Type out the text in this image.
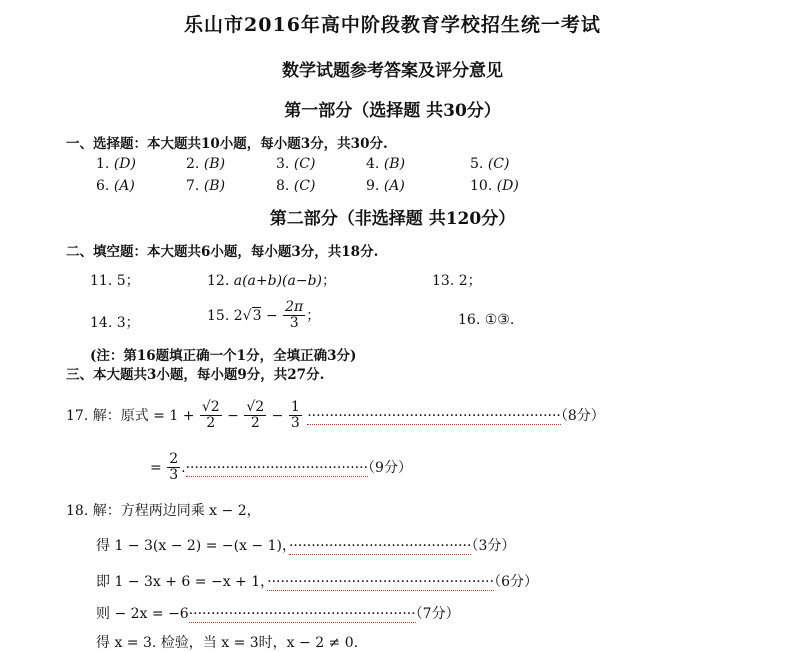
乐山市2016年高中阶段教育学校招生统一考试
数学试题参考答案及评分意见
第一部分（选择题 共30分）
一、选择题：本大题共10小题，每小题3分，共30分.
1. (D)	2. (B)	3. (C)	4. (B)	5. (C)
6. (A)	7. (B)	8. (C)	9. (A)	10. (D)
第二部分（非选择题 共120分）
二、填空题：本大题共6小题，每小题3分，共18分.
11. 5；	12. a(a+b)(a−b)；	13. 2；
14. 3；	15. $2√3 - \frac{2\pi}{3}$ ；	16. ①③.
(注：第16题填正确一个1分，全填正确3分)
三、本大题共3小题，每小题9分，共27分.
17. 解：原式 = $1 + \frac{√2}{2} - \frac{√2}{2} - \frac{1}{3} \cdot\cdot\cdot\cdot\cdot\cdot\cdot\cdot\cdot\cdot\cdot\cdot\cdot\cdot\cdot\cdot\cdot\cdot\cdot\cdot\cdot\cdot\cdot\cdot\cdot\cdot\cdot\cdot\cdot\cdot\cdot\cdot\cdot\cdot\cdot\cdot\cdot\cdot\cdot\cdot\cdot\cdot\cdot\cdot\cdot\cdot\cdot\cdot\cdot\cdot\cdot\cdot\cdot\cdot\cdot\cdot\cdot(8$分）
= $\frac{2}{3} .\cdot\cdot\cdot\cdot\cdot\cdot\cdot\cdot\cdot\cdot\cdot\cdot\cdot\cdot\cdot\cdot\cdot\cdot\cdot\cdot\cdot\cdot\cdot\cdot\cdot\cdot\cdot\cdot\cdot\cdot\cdot\cdot\cdot\cdot\cdot\cdot\cdot\cdot\cdot\cdot\cdot(9$分）
18. 解：方程两边同乘 x − 2，
得 1 − 3(x − 2) = −(x − 1)，·········································（3分）
即 1 − 3x + 6 = −x + 1，···················································（6分）
则 − 2x = −6···················································（7分）
得 x = 3. 检验，当 x = 3时，x − 2 ≠ 0.
